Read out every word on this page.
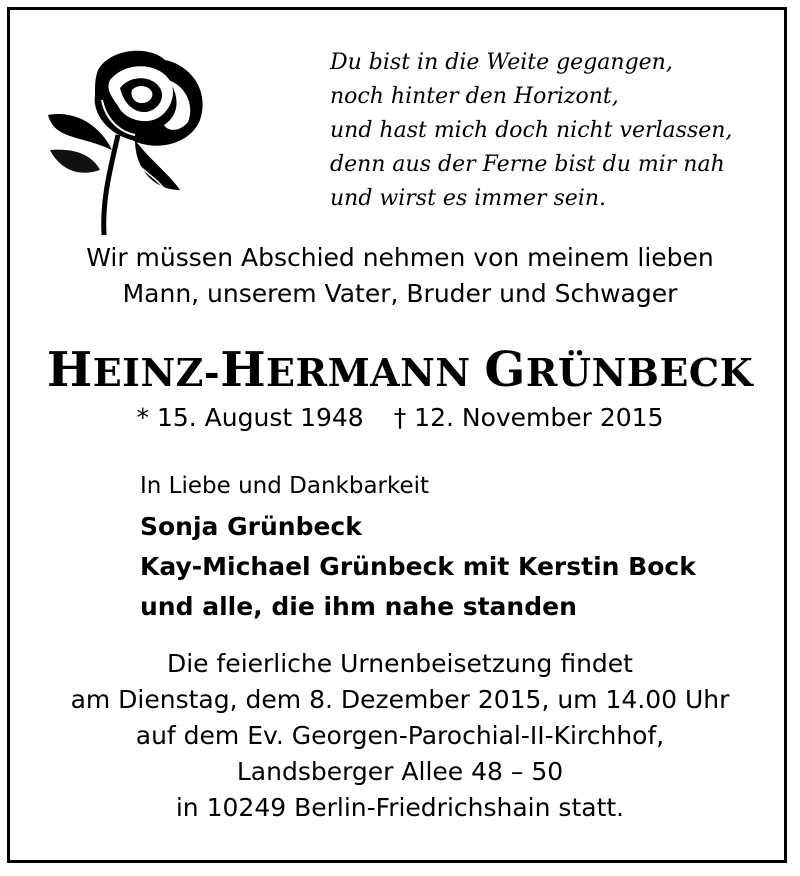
Du bist in die Weite gegangen,
noch hinter den Horizont,
und hast mich doch nicht verlassen,
denn aus der Ferne bist du mir nah
und wirst es immer sein.
Wir müssen Abschied nehmen von meinem lieben
Mann, unserem Vater, Bruder und Schwager
HEINZ-HERMANN GRÜNBECK
* 15. August 1948 † 12. November 2015
In Liebe und Dankbarkeit
Sonja Grünbeck
Kay-Michael Grünbeck mit Kerstin Bock
und alle, die ihm nahe standen
Die feierliche Urnenbeisetzung findet
am Dienstag, dem 8. Dezember 2015, um 14.00 Uhr
auf dem Ev. Georgen-Parochial-II-Kirchhof,
Landsberger Allee 48 – 50
in 10249 Berlin-Friedrichshain statt.
